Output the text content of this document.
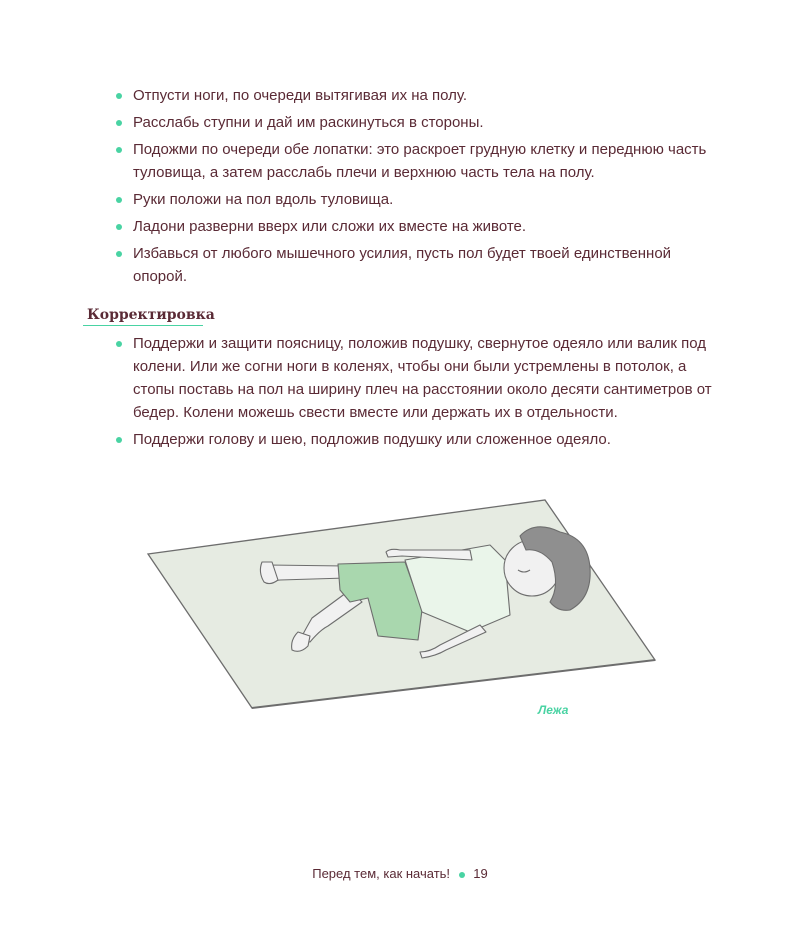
Отпусти ноги, по очереди вытягивая их на полу.
Расслабь ступни и дай им раскинуться в стороны.
Подожми по очереди обе лопатки: это раскроет грудную клетку и переднюю часть туловища, а затем расслабь плечи и верхнюю часть тела на полу.
Руки положи на пол вдоль туловища.
Ладони разверни вверх или сложи их вместе на животе.
Избавься от любого мышечного усилия, пусть пол будет твоей единственной опорой.
Корректировка
Поддержи и защити поясницу, положив подушку, свернутое одеяло или валик под колени. Или же согни ноги в коленях, чтобы они были устремлены в потолок, а стопы поставь на пол на ширину плеч на расстоянии около десяти сантиметров от бедер. Колени можешь свести вместе или держать их в отдельности.
Поддержи голову и шею, подложив подушку или сложенное одеяло.
Лежа
Перед тем, как начать! 19
